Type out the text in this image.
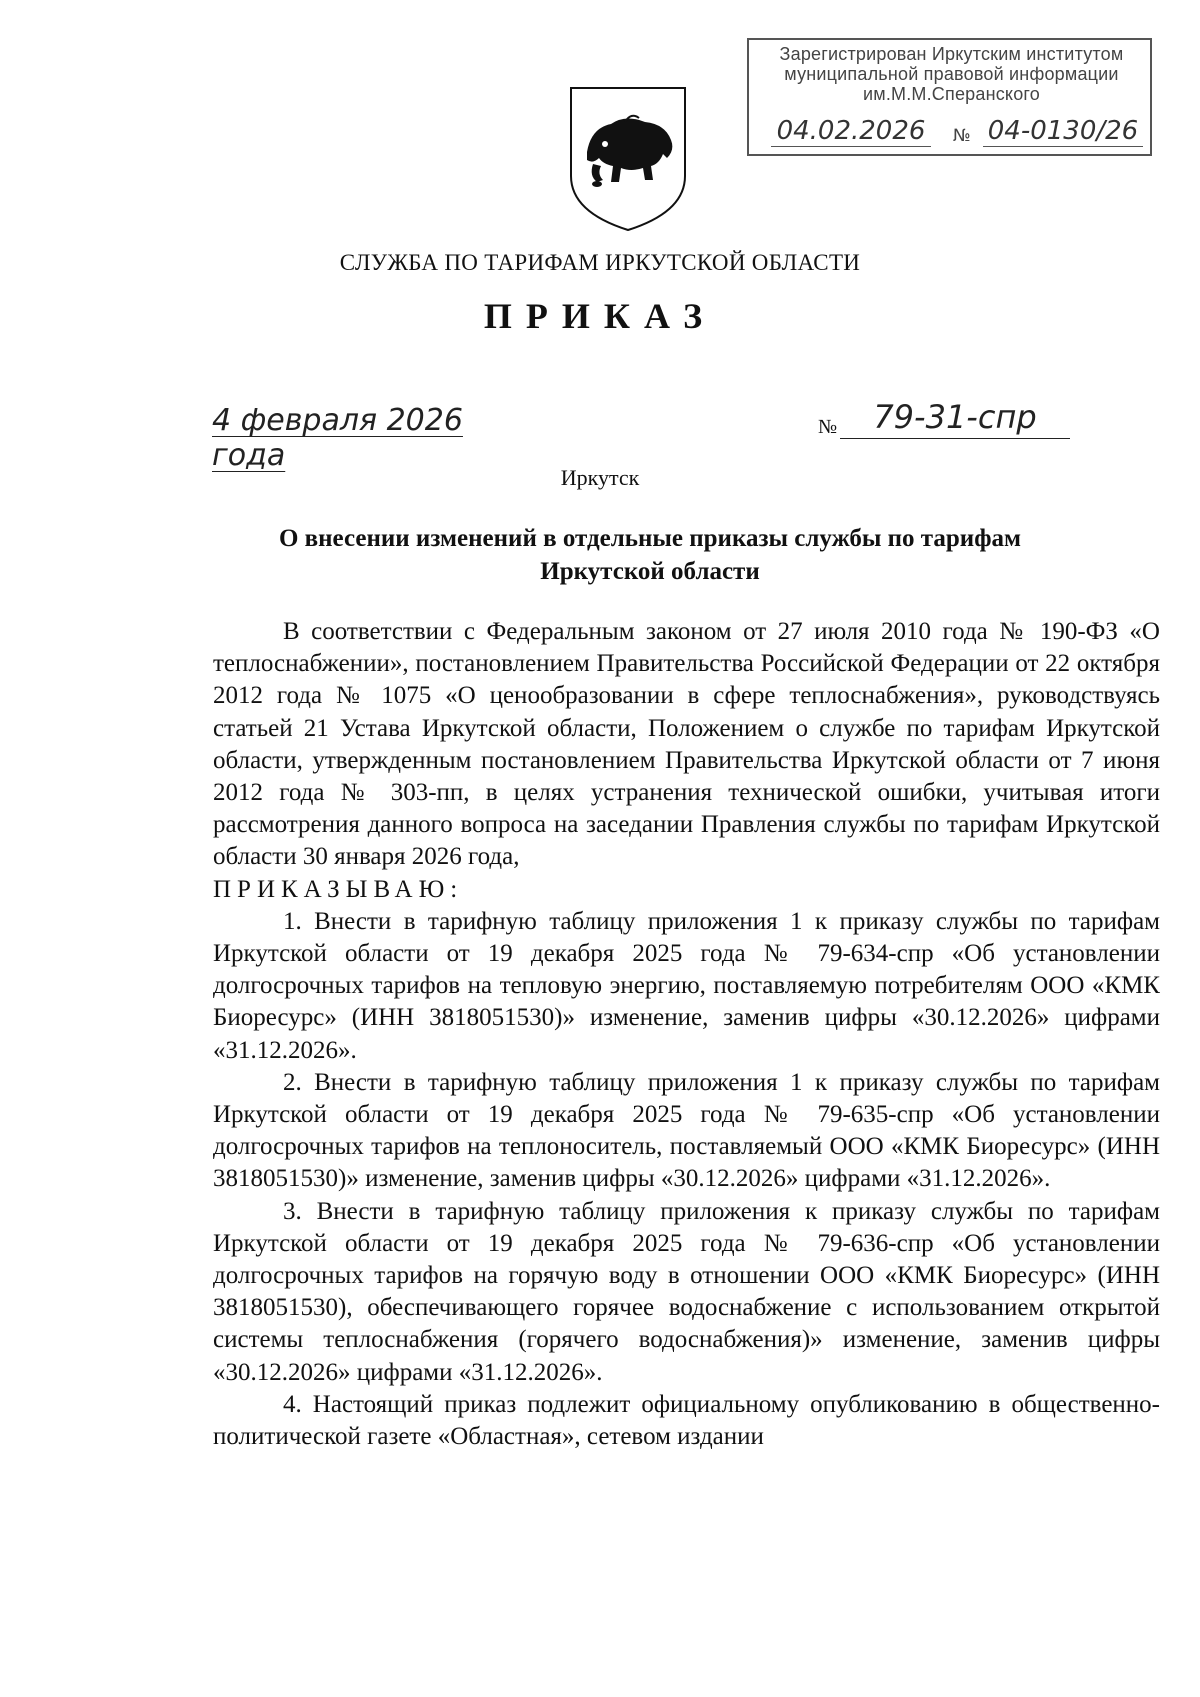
Зарегистрирован Иркутским институтом
муниципальной правовой информации
им.М.М.Сперанского
04.02.2026	№ 04-0130/26
СЛУЖБА ПО ТАРИФАМ ИРКУТСКОЙ ОБЛАСТИ
ПРИКАЗ
4 февраля 2026 года
№	79-31-спр
Иркутск
О внесении изменений в отдельные приказы службы по тарифам Иркутской области

В соответствии с Федеральным законом от 27 июля 2010 года № 190-ФЗ «О теплоснабжении», постановлением Правительства Российской Федерации от 22 октября 2012 года № 1075 «О ценообразовании в сфере теплоснабжения», руководствуясь статьей 21 Устава Иркутской области, Положением о службе по тарифам Иркутской области, утвержденным постановлением Правительства Иркутской области от 7 июня 2012 года № 303-пп, в целях устранения технической ошибки, учитывая итоги рассмотрения данного вопроса на заседании Правления службы по тарифам Иркутской области 30 января 2026 года,

ПРИКАЗЫВАЮ:

1. Внести в тарифную таблицу приложения 1 к приказу службы по тарифам Иркутской области от 19 декабря 2025 года № 79-634-спр «Об установлении долгосрочных тарифов на тепловую энергию, поставляемую потребителям ООО «КМК Биоресурс» (ИНН 3818051530)» изменение, заменив цифры «30.12.2026» цифрами «31.12.2026».

2. Внести в тарифную таблицу приложения 1 к приказу службы по тарифам Иркутской области от 19 декабря 2025 года № 79-635-спр «Об установлении долгосрочных тарифов на теплоноситель, поставляемый ООО «КМК Биоресурс» (ИНН 3818051530)» изменение, заменив цифры «30.12.2026» цифрами «31.12.2026».

3. Внести в тарифную таблицу приложения к приказу службы по тарифам Иркутской области от 19 декабря 2025 года № 79-636-спр «Об установлении долгосрочных тарифов на горячую воду в отношении ООО «КМК Биоресурс» (ИНН 3818051530), обеспечивающего горячее водоснабжение с использованием открытой системы теплоснабжения (горячего водоснабжения)» изменение, заменив цифры «30.12.2026» цифрами «31.12.2026».

4. Настоящий приказ подлежит официальному опубликованию в общественно-политической газете «Областная», сетевом издании
